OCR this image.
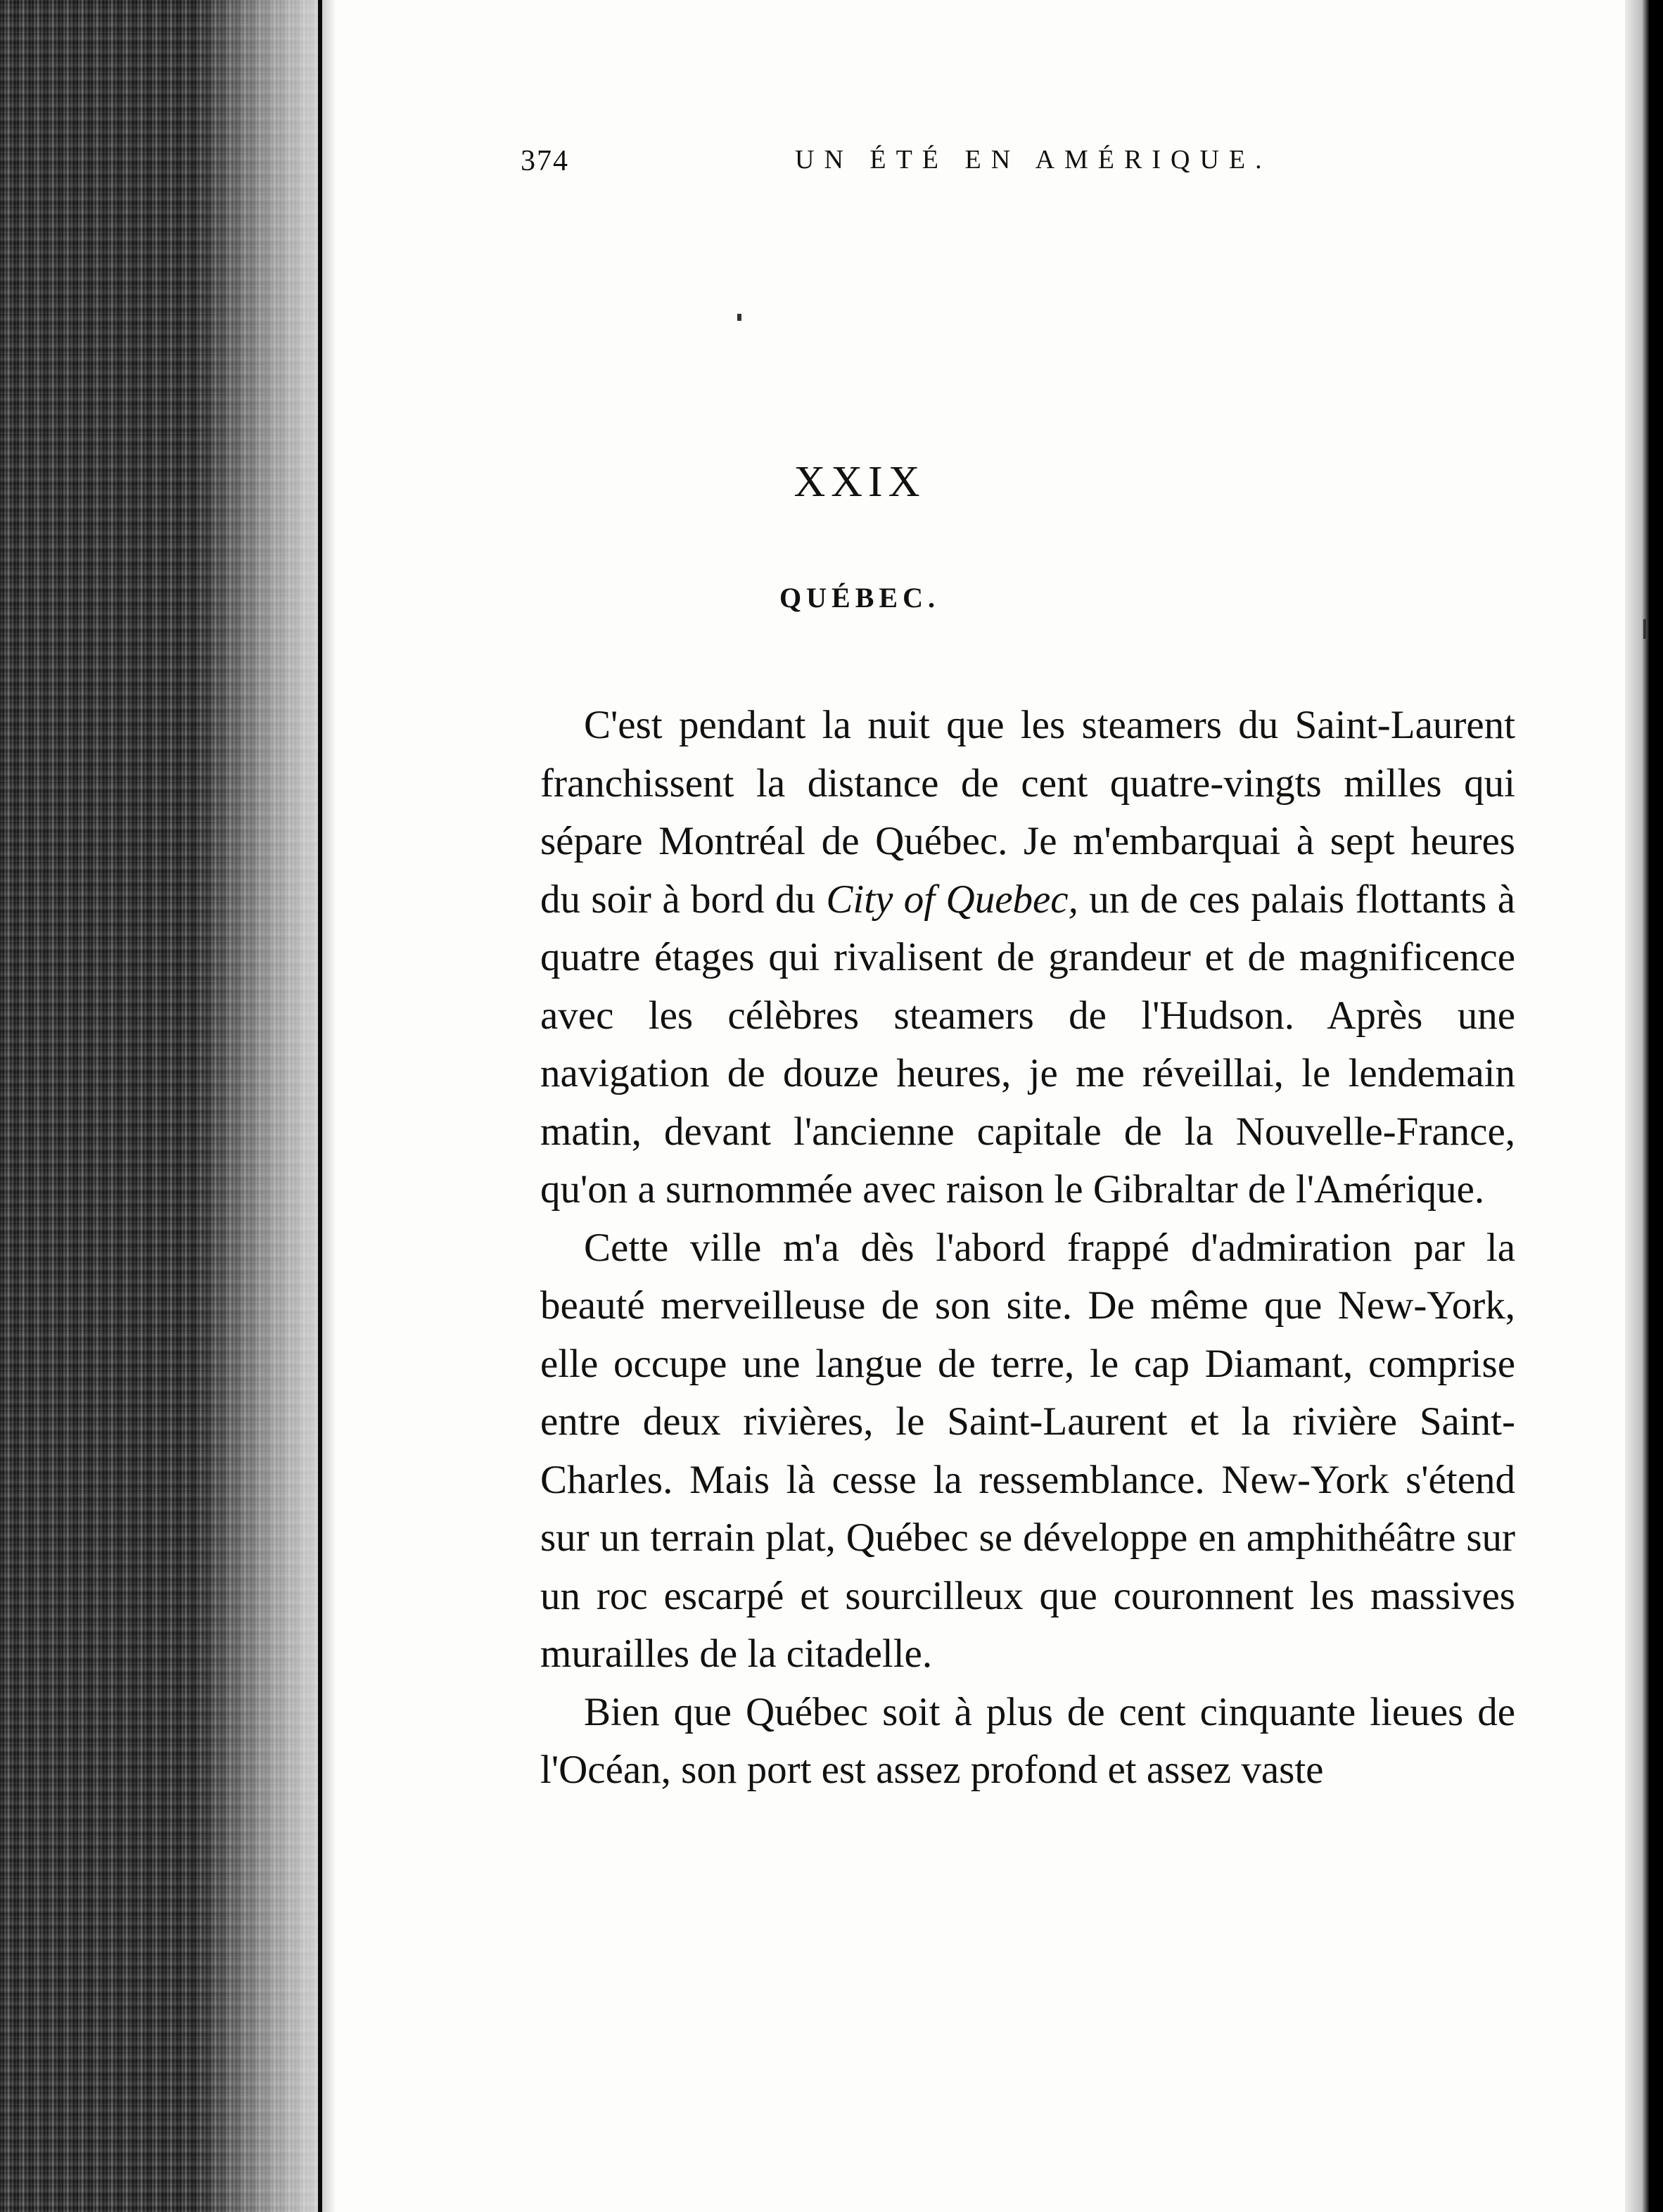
374	UN ÉTÉ EN AMÉRIQUE.
XXIX
QUÉBEC.

C'est pendant la nuit que les steamers du Saint-Laurent franchissent la distance de cent quatre-vingts milles qui sépare Montréal de Québec. Je m'embarquai à sept heures du soir à bord du City of Quebec, un de ces palais flottants à quatre étages qui rivalisent de grandeur et de magnificence avec les célèbres steamers de l'Hudson. Après une navigation de douze heures, je me réveillai, le lendemain matin, devant l'ancienne capitale de la Nouvelle-France, qu'on a surnommée avec raison le Gibraltar de l'Amérique.

Cette ville m'a dès l'abord frappé d'admiration par la beauté merveilleuse de son site. De même que New-York, elle occupe une langue de terre, le cap Diamant, comprise entre deux rivières, le Saint-Laurent et la rivière Saint-Charles. Mais là cesse la ressemblance. New-York s'étend sur un terrain plat, Québec se développe en amphithéâtre sur un roc escarpé et sourcilleux que couronnent les massives murailles de la citadelle.

Bien que Québec soit à plus de cent cinquante lieues de l'Océan, son port est assez profond et assez vaste
